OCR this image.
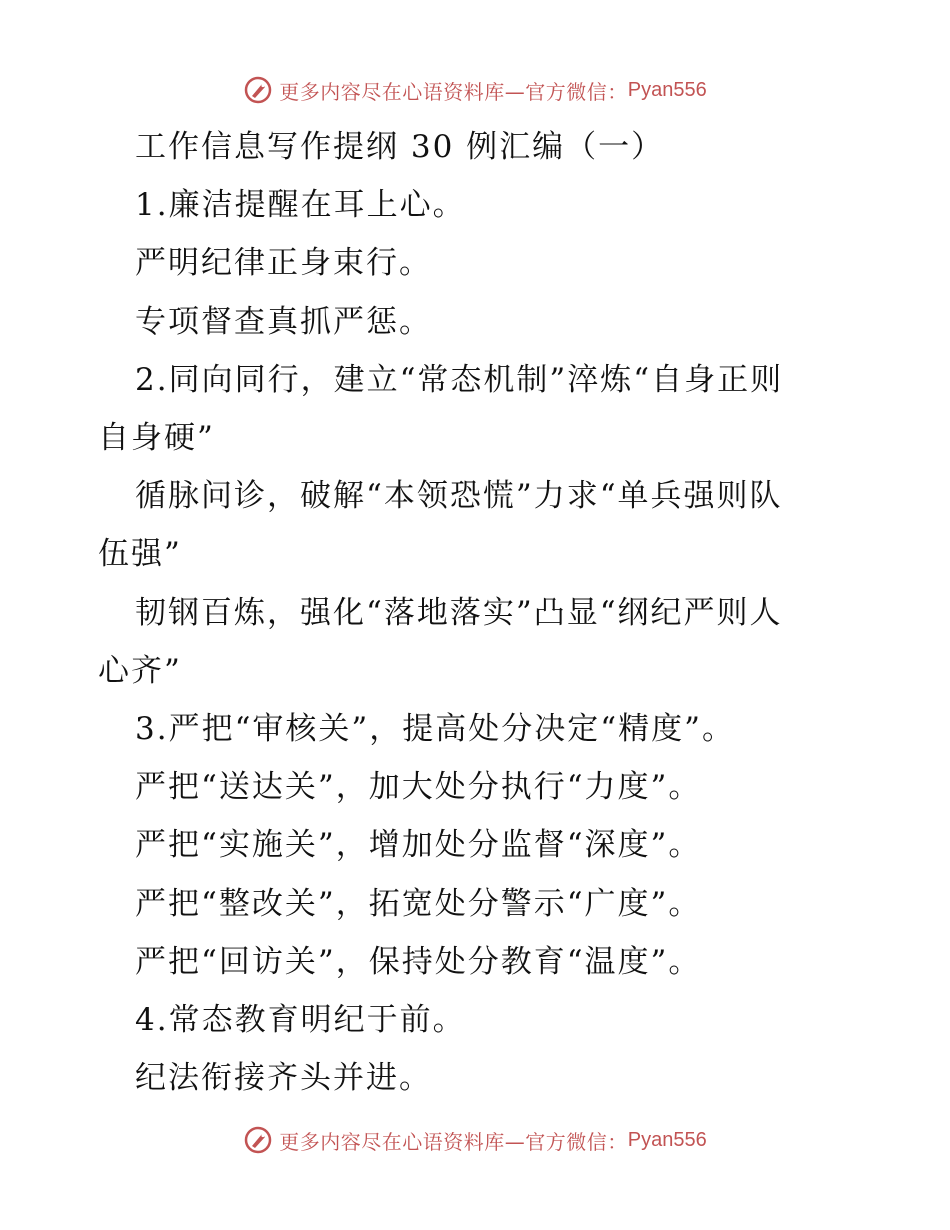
更多内容尽在心语资料库—官方微信： Pyan556

工作信息写作提纲 30 例汇编（一）

1.廉洁提醒在耳上心。

严明纪律正身束行。

专项督查真抓严惩。

2.同向同行，建立“常态机制”淬炼“自身正则

自身硬”

循脉问诊，破解“本领恐慌”力求“单兵强则队

伍强”

韧钢百炼，强化“落地落实”凸显“纲纪严则人

心齐”

3.严把“审核关”，提高处分决定“精度”。

严把“送达关”，加大处分执行“力度”。

严把“实施关”，增加处分监督“深度”。

严把“整改关”，拓宽处分警示“广度”。

严把“回访关”，保持处分教育“温度”。

4.常态教育明纪于前。

纪法衔接齐头并进。

更多内容尽在心语资料库—官方微信： Pyan556
